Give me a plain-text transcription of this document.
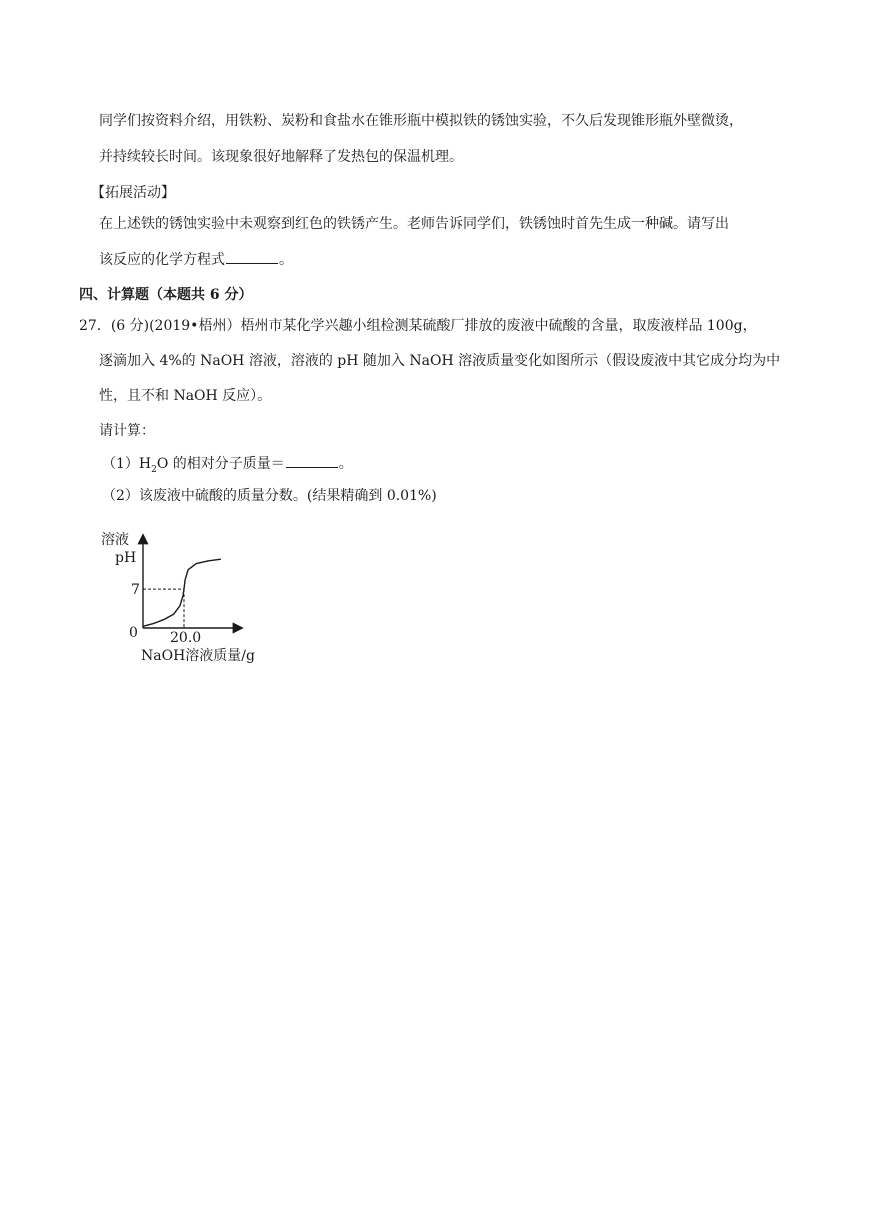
同学们按资料介绍，用铁粉、炭粉和食盐水在锥形瓶中模拟铁的锈蚀实验，不久后发现锥形瓶外壁微烫，
并持续较长时间。该现象很好地解释了发热包的保温机理。
【拓展活动】
在上述铁的锈蚀实验中未观察到红色的铁锈产生。老师告诉同学们，铁锈蚀时首先生成一种碱。请写出
该反应的化学方程式	。
四、计算题（本题共 6 分）
27．(6 分)(2019•梧州）梧州市某化学兴趣小组检测某硫酸厂排放的废液中硫酸的含量，取废液样品 100g，
逐滴加入 4%的 NaOH 溶液，溶液的 pH 随加入 NaOH 溶液质量变化如图所示（假设废液中其它成分均为中
性，且不和 NaOH 反应）。
请计算：
$(1)H_2O$ 的相对分子质量＝	。
（2）该废液中硫酸的质量分数。(结果精确到 0.01%)
溶液
pH
0
7
20.0
NaOH溶液质量/g
